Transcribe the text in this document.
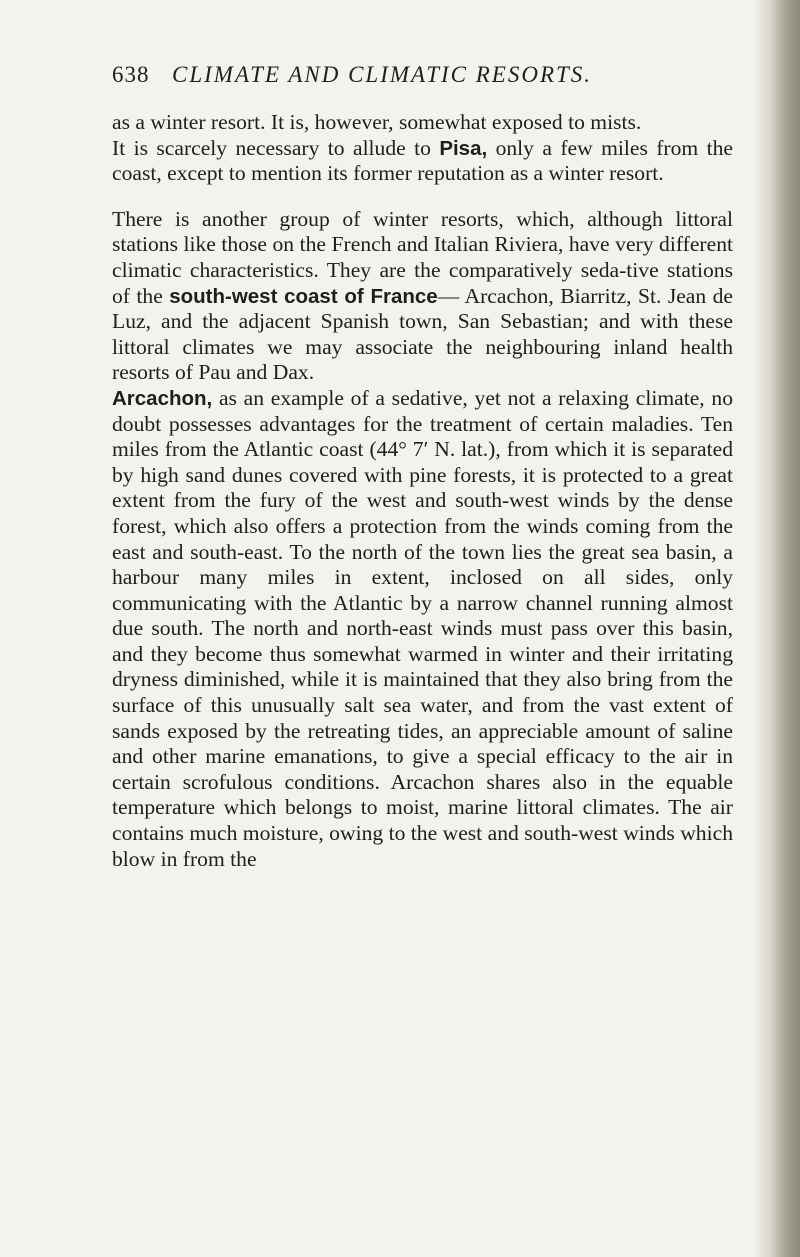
638 CLIMATE AND CLIMATIC RESORTS.

as a winter resort. It is, however, somewhat exposed to mists.

It is scarcely necessary to allude to Pisa, only a few miles from the coast, except to mention its former reputation as a winter resort.

There is another group of winter resorts, which, although littoral stations like those on the French and Italian Riviera, have very different climatic characteristics. They are the comparatively seda-tive stations of the south-west coast of France— Arcachon, Biarritz, St. Jean de Luz, and the adjacent Spanish town, San Sebastian; and with these littoral climates we may associate the neighbouring inland health resorts of Pau and Dax.

Arcachon, as an example of a sedative, yet not a relaxing climate, no doubt possesses advantages for the treatment of certain maladies. Ten miles from the Atlantic coast (44° 7′ N. lat.), from which it is separated by high sand dunes covered with pine forests, it is protected to a great extent from the fury of the west and south-west winds by the dense forest, which also offers a protection from the winds coming from the east and south-east. To the north of the town lies the great sea basin, a harbour many miles in extent, inclosed on all sides, only communicating with the Atlantic by a narrow channel running almost due south. The north and north-east winds must pass over this basin, and they become thus somewhat warmed in winter and their irritating dryness diminished, while it is maintained that they also bring from the surface of this unusually salt sea water, and from the vast extent of sands exposed by the retreating tides, an appreciable amount of saline and other marine emanations, to give a special efficacy to the air in certain scrofulous conditions. Arcachon shares also in the equable temperature which belongs to moist, marine littoral climates. The air contains much moisture, owing to the west and south-west winds which blow in from the
